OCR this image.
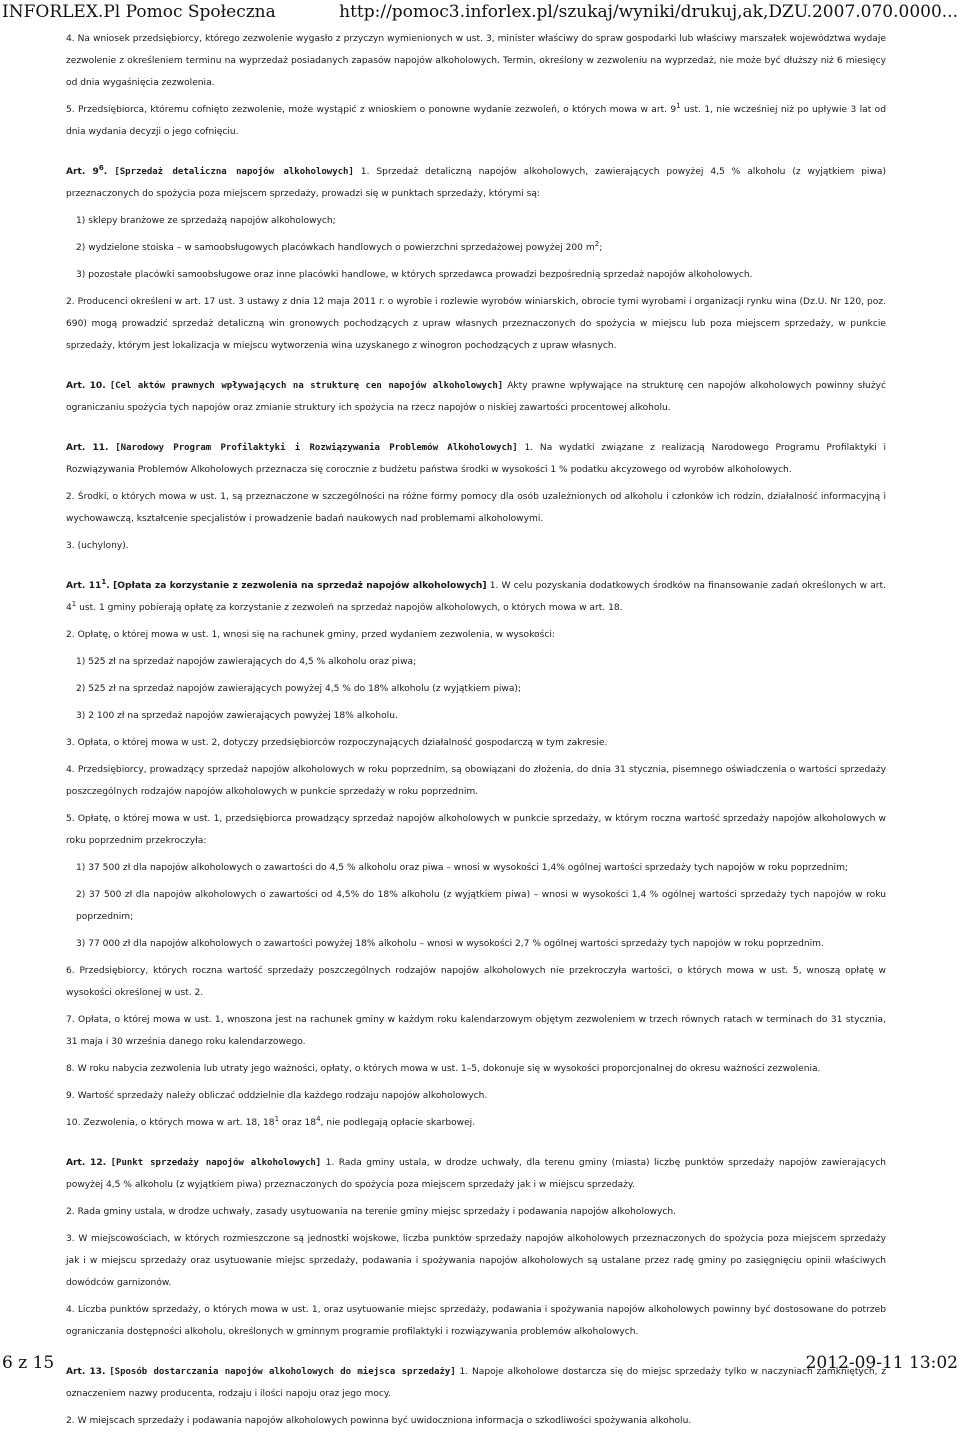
INFORLEX.Pl Pomoc Społeczna	http://pomoc3.inforlex.pl/szukaj/wyniki/drukuj,ak,DZU.2007.070.0000...

4. Na wniosek przedsiębiorcy, którego zezwolenie wygasło z przyczyn wymienionych w ust. 3, minister właściwy do spraw gospodarki lub właściwy marszałek województwa wydaje zezwolenie z określeniem terminu na wyprzedaż posiadanych zapasów napojów alkoholowych. Termin, określony w zezwoleniu na wyprzedaż, nie może być dłuższy niż 6 miesięcy od dnia wygaśnięcia zezwolenia.

5. Przedsiębiorca, któremu cofnięto zezwolenie, może wystąpić z wnioskiem o ponowne wydanie zezwoleń, o których mowa w art. $9^1$ ust. 1, nie wcześniej niż po upływie 3 lat od dnia wydania decyzji o jego cofnięciu.

Art. $9^6$. [Sprzedaż detaliczna napojów alkoholowych] 1. Sprzedaż detaliczną napojów alkoholowych, zawierających powyżej 4,5 % alkoholu (z wyjątkiem piwa) przeznaczonych do spożycia poza miejscem sprzedaży, prowadzi się w punktach sprzedaży, którymi są:

1) sklepy branżowe ze sprzedażą napojów alkoholowych;

2) wydzielone stoiska – w samoobsługowych placówkach handlowych o powierzchni sprzedażowej powyżej 200 $m^2$;

3) pozostałe placówki samoobsługowe oraz inne placówki handlowe, w których sprzedawca prowadzi bezpośrednią sprzedaż napojów alkoholowych.

2. Producenci określeni w art. 17 ust. 3 ustawy z dnia 12 maja 2011 r. o wyrobie i rozlewie wyrobów winiarskich, obrocie tymi wyrobami i organizacji rynku wina (Dz.U. Nr 120, poz. 690) mogą prowadzić sprzedaż detaliczną win gronowych pochodzących z upraw własnych przeznaczonych do spożycia w miejscu lub poza miejscem sprzedaży, w punkcie sprzedaży, którym jest lokalizacja w miejscu wytworzenia wina uzyskanego z winogron pochodzących z upraw własnych.

Art. 10. [Cel aktów prawnych wpływających na strukturę cen napojów alkoholowych] Akty prawne wpływające na strukturę cen napojów alkoholowych powinny służyć ograniczaniu spożycia tych napojów oraz zmianie struktury ich spożycia na rzecz napojów o niskiej zawartości procentowej alkoholu.

Art. 11. [Narodowy Program Profilaktyki i Rozwiązywania Problemów Alkoholowych] 1. Na wydatki związane z realizacją Narodowego Programu Profilaktyki i Rozwiązywania Problemów Alkoholowych przeznacza się corocznie z budżetu państwa środki w wysokości 1 % podatku akcyzowego od wyrobów alkoholowych.

2. Środki, o których mowa w ust. 1, są przeznaczone w szczególności na różne formy pomocy dla osób uzależnionych od alkoholu i członków ich rodzin, działalność informacyjną i wychowawczą, kształcenie specjalistów i prowadzenie badań naukowych nad problemami alkoholowymi.

3. (uchylony).

Art. $11^1$. [Opłata za korzystanie z zezwolenia na sprzedaż napojów alkoholowych] 1. W celu pozyskania dodatkowych środków na finansowanie zadań określonych w art. $4^1$ ust. 1 gminy pobierają opłatę za korzystanie z zezwoleń na sprzedaż napojów alkoholowych, o których mowa w art. 18.

2. Opłatę, o której mowa w ust. 1, wnosi się na rachunek gminy, przed wydaniem zezwolenia, w wysokości:

1) 525 zł na sprzedaż napojów zawierających do 4,5 % alkoholu oraz piwa;

2) 525 zł na sprzedaż napojów zawierających powyżej 4,5 % do 18% alkoholu (z wyjątkiem piwa);

3) 2 100 zł na sprzedaż napojów zawierających powyżej 18% alkoholu.

3. Opłata, o której mowa w ust. 2, dotyczy przedsiębiorców rozpoczynających działalność gospodarczą w tym zakresie.

4. Przedsiębiorcy, prowadzący sprzedaż napojów alkoholowych w roku poprzednim, są obowiązani do złożenia, do dnia 31 stycznia, pisemnego oświadczenia o wartości sprzedaży poszczególnych rodzajów napojów alkoholowych w punkcie sprzedaży w roku poprzednim.

5. Opłatę, o której mowa w ust. 1, przedsiębiorca prowadzący sprzedaż napojów alkoholowych w punkcie sprzedaży, w którym roczna wartość sprzedaży napojów alkoholowych w roku poprzednim przekroczyła:

1) 37 500 zł dla napojów alkoholowych o zawartości do 4,5 % alkoholu oraz piwa – wnosi w wysokości 1,4% ogólnej wartości sprzedaży tych napojów w roku poprzednim;

2) 37 500 zł dla napojów alkoholowych o zawartości od 4,5% do 18% alkoholu (z wyjątkiem piwa) – wnosi w wysokości 1,4 % ogólnej wartości sprzedaży tych napojów w roku poprzednim;

3) 77 000 zł dla napojów alkoholowych o zawartości powyżej 18% alkoholu – wnosi w wysokości 2,7 % ogólnej wartości sprzedaży tych napojów w roku poprzednim.

6. Przedsiębiorcy, których roczna wartość sprzedaży poszczególnych rodzajów napojów alkoholowych nie przekroczyła wartości, o których mowa w ust. 5, wnoszą opłatę w wysokości określonej w ust. 2.

7. Opłata, o której mowa w ust. 1, wnoszona jest na rachunek gminy w każdym roku kalendarzowym objętym zezwoleniem w trzech równych ratach w terminach do 31 stycznia, 31 maja i 30 września danego roku kalendarzowego.

8. W roku nabycia zezwolenia lub utraty jego ważności, opłaty, o których mowa w ust. 1–5, dokonuje się w wysokości proporcjonalnej do okresu ważności zezwolenia.

9. Wartość sprzedaży należy obliczać oddzielnie dla każdego rodzaju napojów alkoholowych.

10. Zezwolenia, o których mowa w art. 18, $18^1$ oraz $18^4$, nie podlegają opłacie skarbowej.

Art. 12. [Punkt sprzedaży napojów alkoholowych] 1. Rada gminy ustala, w drodze uchwały, dla terenu gminy (miasta) liczbę punktów sprzedaży napojów zawierających powyżej 4,5 % alkoholu (z wyjątkiem piwa) przeznaczonych do spożycia poza miejscem sprzedaży jak i w miejscu sprzedaży.

2. Rada gminy ustala, w drodze uchwały, zasady usytuowania na terenie gminy miejsc sprzedaży i podawania napojów alkoholowych.

3. W miejscowościach, w których rozmieszczone są jednostki wojskowe, liczba punktów sprzedaży napojów alkoholowych przeznaczonych do spożycia poza miejscem sprzedaży jak i w miejscu sprzedaży oraz usytuowanie miejsc sprzedaży, podawania i spożywania napojów alkoholowych są ustalane przez radę gminy po zasięgnięciu opinii właściwych dowódców garnizonów.

4. Liczba punktów sprzedaży, o których mowa w ust. 1, oraz usytuowanie miejsc sprzedaży, podawania i spożywania napojów alkoholowych powinny być dostosowane do potrzeb ograniczania dostępności alkoholu, określonych w gminnym programie profilaktyki i rozwiązywania problemów alkoholowych.

Art. 13. [Sposób dostarczania napojów alkoholowych do miejsca sprzedaży] 1. Napoje alkoholowe dostarcza się do miejsc sprzedaży tylko w naczyniach zamkniętych, z oznaczeniem nazwy producenta, rodzaju i ilości napoju oraz jego mocy.

2. W miejscach sprzedaży i podawania napojów alkoholowych powinna być uwidoczniona informacja o szkodliwości spożywania alkoholu.

6 z 15	2012-09-11 13:02
